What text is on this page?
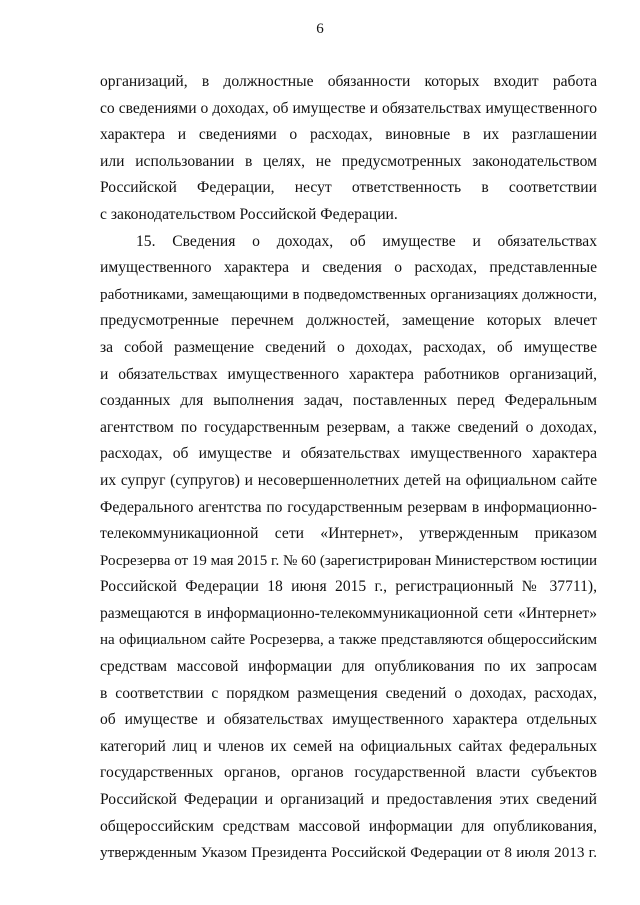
6
организаций, в должностные обязанности которых входит работа
со сведениями о доходах, об имуществе и обязательствах имущественного
характера и сведениями о расходах, виновные в их разглашении
или использовании в целях, не предусмотренных законодательством
Российской Федерации, несут ответственность в соответствии
с законодательством Российской Федерации.
15. Сведения о доходах, об имуществе и обязательствах
имущественного характера и сведения о расходах, представленные
работниками, замещающими в подведомственных организациях должности,
предусмотренные перечнем должностей, замещение которых влечет
за собой размещение сведений о доходах, расходах, об имуществе
и обязательствах имущественного характера работников организаций,
созданных для выполнения задач, поставленных перед Федеральным
агентством по государственным резервам, а также сведений о доходах,
расходах, об имуществе и обязательствах имущественного характера
их супруг (супругов) и несовершеннолетних детей на официальном сайте
Федерального агентства по государственным резервам в информационно-
телекоммуникационной сети «Интернет», утвержденным приказом
Росрезерва от 19 мая 2015 г. № 60 (зарегистрирован Министерством юстиции
Российской Федерации 18 июня 2015 г., регистрационный № 37711),
размещаются в информационно-телекоммуникационной сети «Интернет»
на официальном сайте Росрезерва, а также представляются общероссийским
средствам массовой информации для опубликования по их запросам
в соответствии с порядком размещения сведений о доходах, расходах,
об имуществе и обязательствах имущественного характера отдельных
категорий лиц и членов их семей на официальных сайтах федеральных
государственных органов, органов государственной власти субъектов
Российской Федерации и организаций и предоставления этих сведений
общероссийским средствам массовой информации для опубликования,
утвержденным Указом Президента Российской Федерации от 8 июля 2013 г.
